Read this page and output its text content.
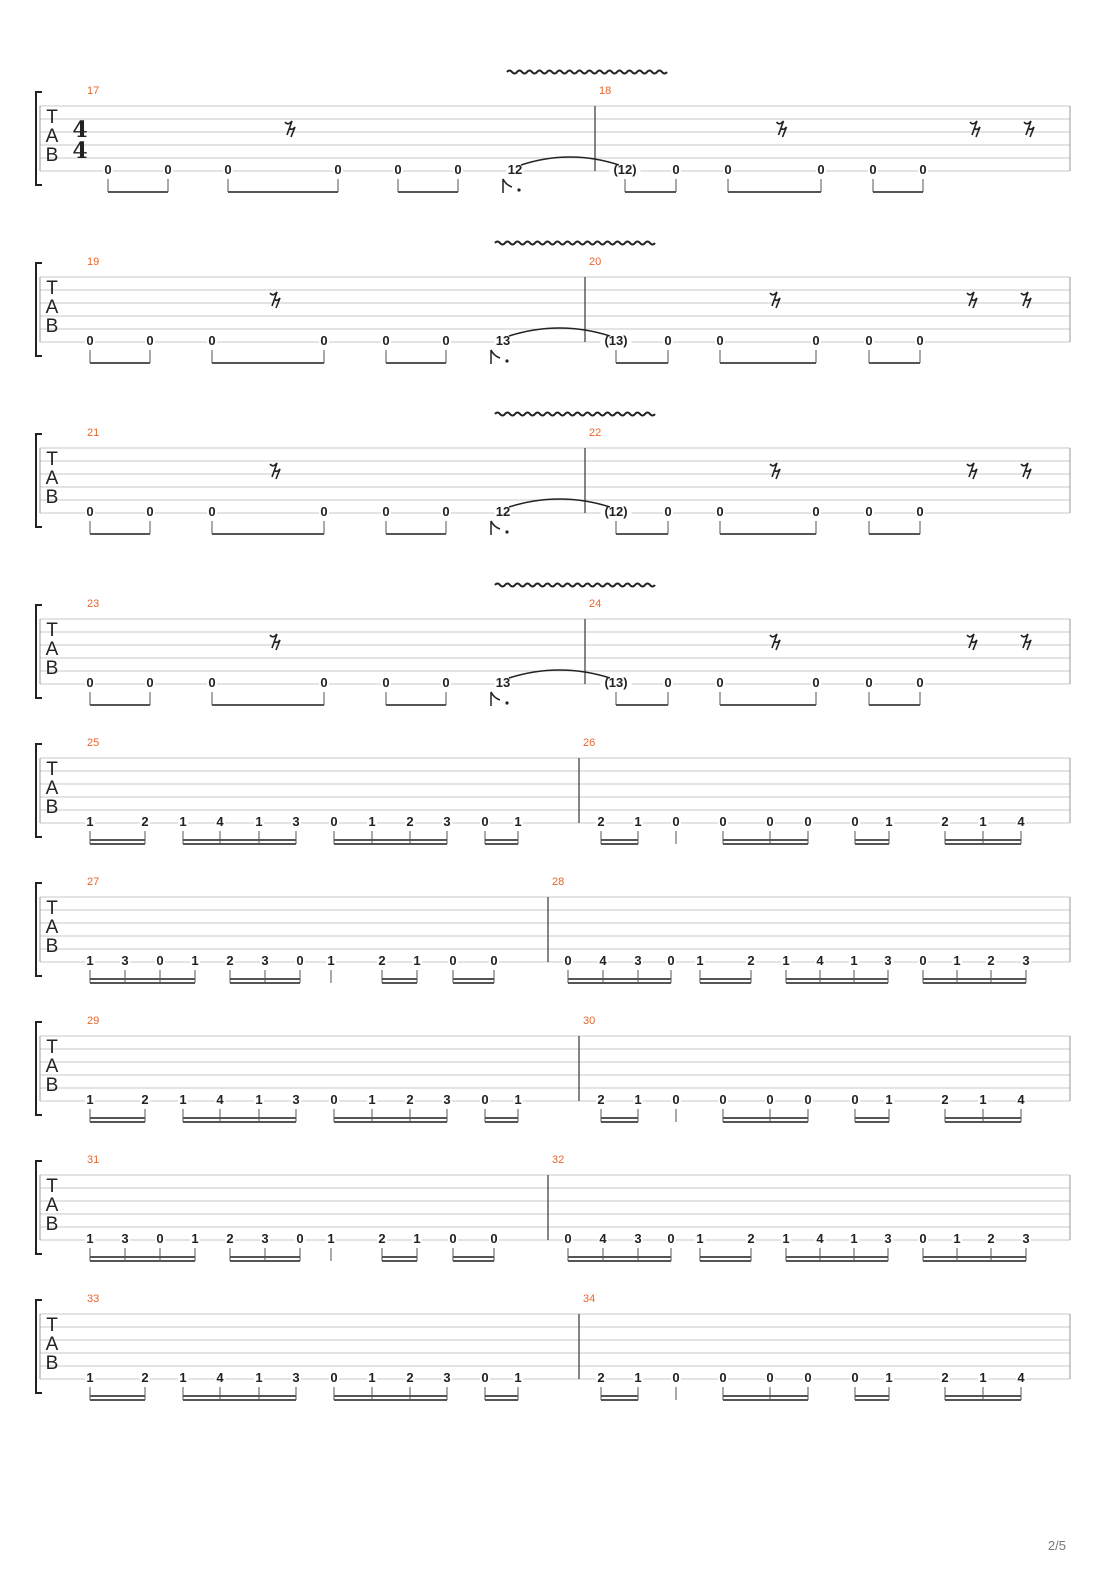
T
A
B
4
4
17
0	0	0	0	0	0	12
18
(12)	0	0	0	0	0
T
A
B
19
0	0	0	0	0	0	13
20
(13)	0	0	0	0	0
T
A
B
21
0	0	0	0	0	0	12
22
(12)	0	0	0	0	0
T
A
B
23
0	0	0	0	0	0	13
24
(13)	0	0	0	0	0
T
A
B
25
1	2 1 4 1 3 0 1 2 3 0 1
26
2 1 0	0	0 0	0 1	2 1 4
T
A
B
27
1 3 0 1 2 3 0 1	2 1 0	0
28
0 4 3 0 1	2 1 4 1 3 0 1 2 3
T
A
B
29
1	2 1 4 1 3 0 1 2 3 0 1
30
2 1 0	0	0 0	0 1	2 1 4
T
A
B
31
1 3 0 1 2 3 0 1	2 1 0	0
32
0 4 3 0 1	2 1 4 1 3 0 1 2 3
T
A
B
33
1	2 1 4 1 3 0 1 2 3 0 1
34
2 1 0	0	0 0	0 1	2 1 4
2/5
